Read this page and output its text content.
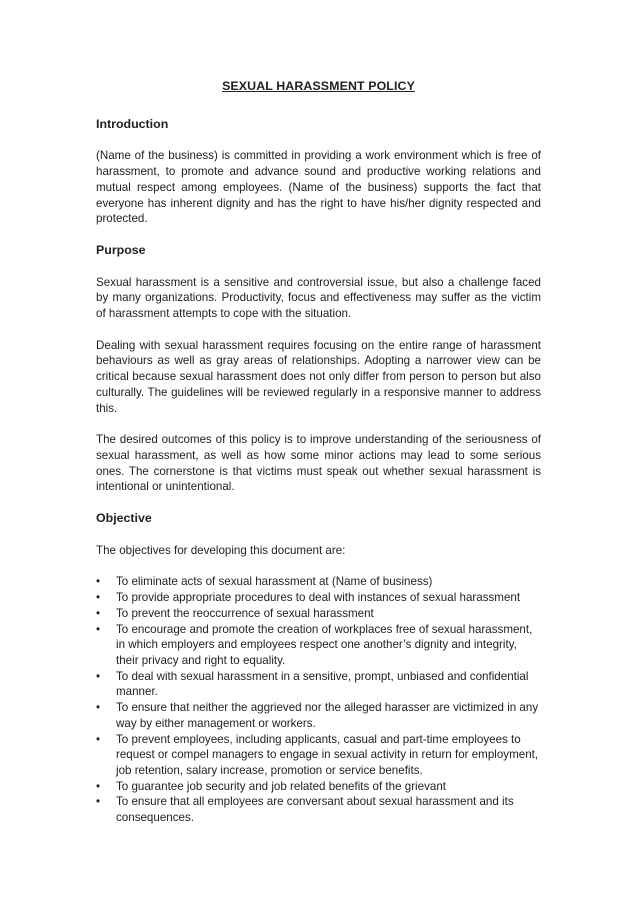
SEXUAL HARASSMENT POLICY
Introduction

(Name of the business) is committed in providing a work environment which is free of harassment, to promote and advance sound and productive working relations and mutual respect among employees. (Name of the business) supports the fact that everyone has inherent dignity and has the right to have his/her dignity respected and protected.

Purpose

Sexual harassment is a sensitive and controversial issue, but also a challenge faced by many organizations. Productivity, focus and effectiveness may suffer as the victim of harassment attempts to cope with the situation.

Dealing with sexual harassment requires focusing on the entire range of harassment behaviours as well as gray areas of relationships. Adopting a narrower view can be critical because sexual harassment does not only differ from person to person but also culturally. The guidelines will be reviewed regularly in a responsive manner to address this.

The desired outcomes of this policy is to improve understanding of the seriousness of sexual harassment, as well as how some minor actions may lead to some serious ones. The cornerstone is that victims must speak out whether sexual harassment is intentional or unintentional.

Objective

The objectives for developing this document are:

•	To eliminate acts of sexual harassment at (Name of business)
•	To provide appropriate procedures to deal with instances of sexual harassment
•	To prevent the reoccurrence of sexual harassment
•	To encourage and promote the creation of workplaces free of sexual harassment, in which employers and employees respect one another’s dignity and integrity, their privacy and right to equality.
•	To deal with sexual harassment in a sensitive, prompt, unbiased and confidential manner.
•	To ensure that neither the aggrieved nor the alleged harasser are victimized in any way by either management or workers.
•	To prevent employees, including applicants, casual and part-time employees to request or compel managers to engage in sexual activity in return for employment, job retention, salary increase, promotion or service benefits.
•	To guarantee job security and job related benefits of the grievant
•	To ensure that all employees are conversant about sexual harassment and its consequences.
